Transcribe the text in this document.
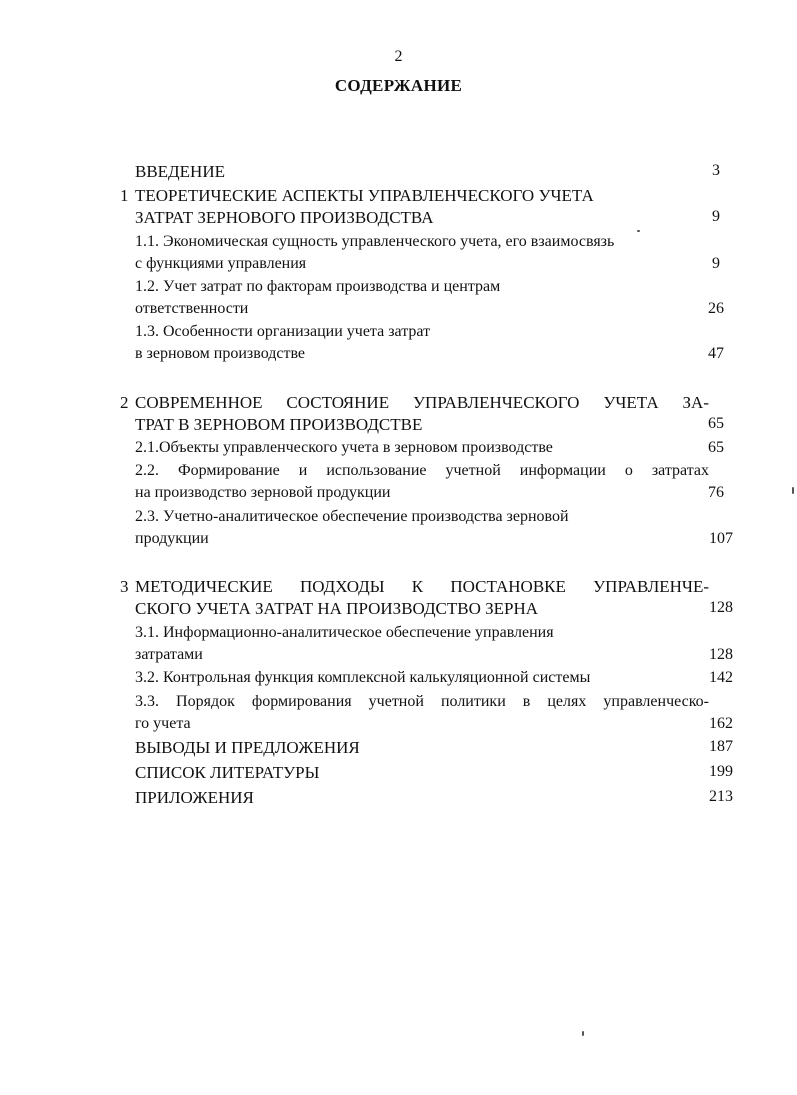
2
СОДЕРЖАНИЕ
ВВЕДЕНИЕ	3
1 ТЕОРЕТИЧЕСКИЕ АСПЕКТЫ УПРАВЛЕНЧЕСКОГО УЧЕТА
ЗАТРАТ ЗЕРНОВОГО ПРОИЗВОДСТВА	9
1.1. Экономическая сущность управленческого учета, его взаимосвязь
с функциями управления	9
1.2. Учет затрат по факторам производства и центрам
ответственности	26
1.3. Особенности организации учета затрат
в зерновом производстве	47
2 СОВРЕМЕННОЕ СОСТОЯНИЕ УПРАВЛЕНЧЕСКОГО УЧЕТА ЗА-
ТРАТ В ЗЕРНОВОМ ПРОИЗВОДСТВЕ	65
2.1.Объекты управленческого учета в зерновом производстве	65
2.2. Формирование и использование учетной информации о затратах
на производство зерновой продукции	76
2.3. Учетно-аналитическое обеспечение производства зерновой
продукции	107
3 МЕТОДИЧЕСКИЕ ПОДХОДЫ К ПОСТАНОВКЕ УПРАВЛЕНЧЕ-
СКОГО УЧЕТА ЗАТРАТ НА ПРОИЗВОДСТВО ЗЕРНА	128
3.1. Информационно-аналитическое обеспечение управления
затратами	128
3.2. Контрольная функция комплексной калькуляционной системы	142
3.3. Порядок формирования учетной политики в целях управленческо-
го учета	162
ВЫВОДЫ И ПРЕДЛОЖЕНИЯ	187
СПИСОК ЛИТЕРАТУРЫ	199
ПРИЛОЖЕНИЯ	213
